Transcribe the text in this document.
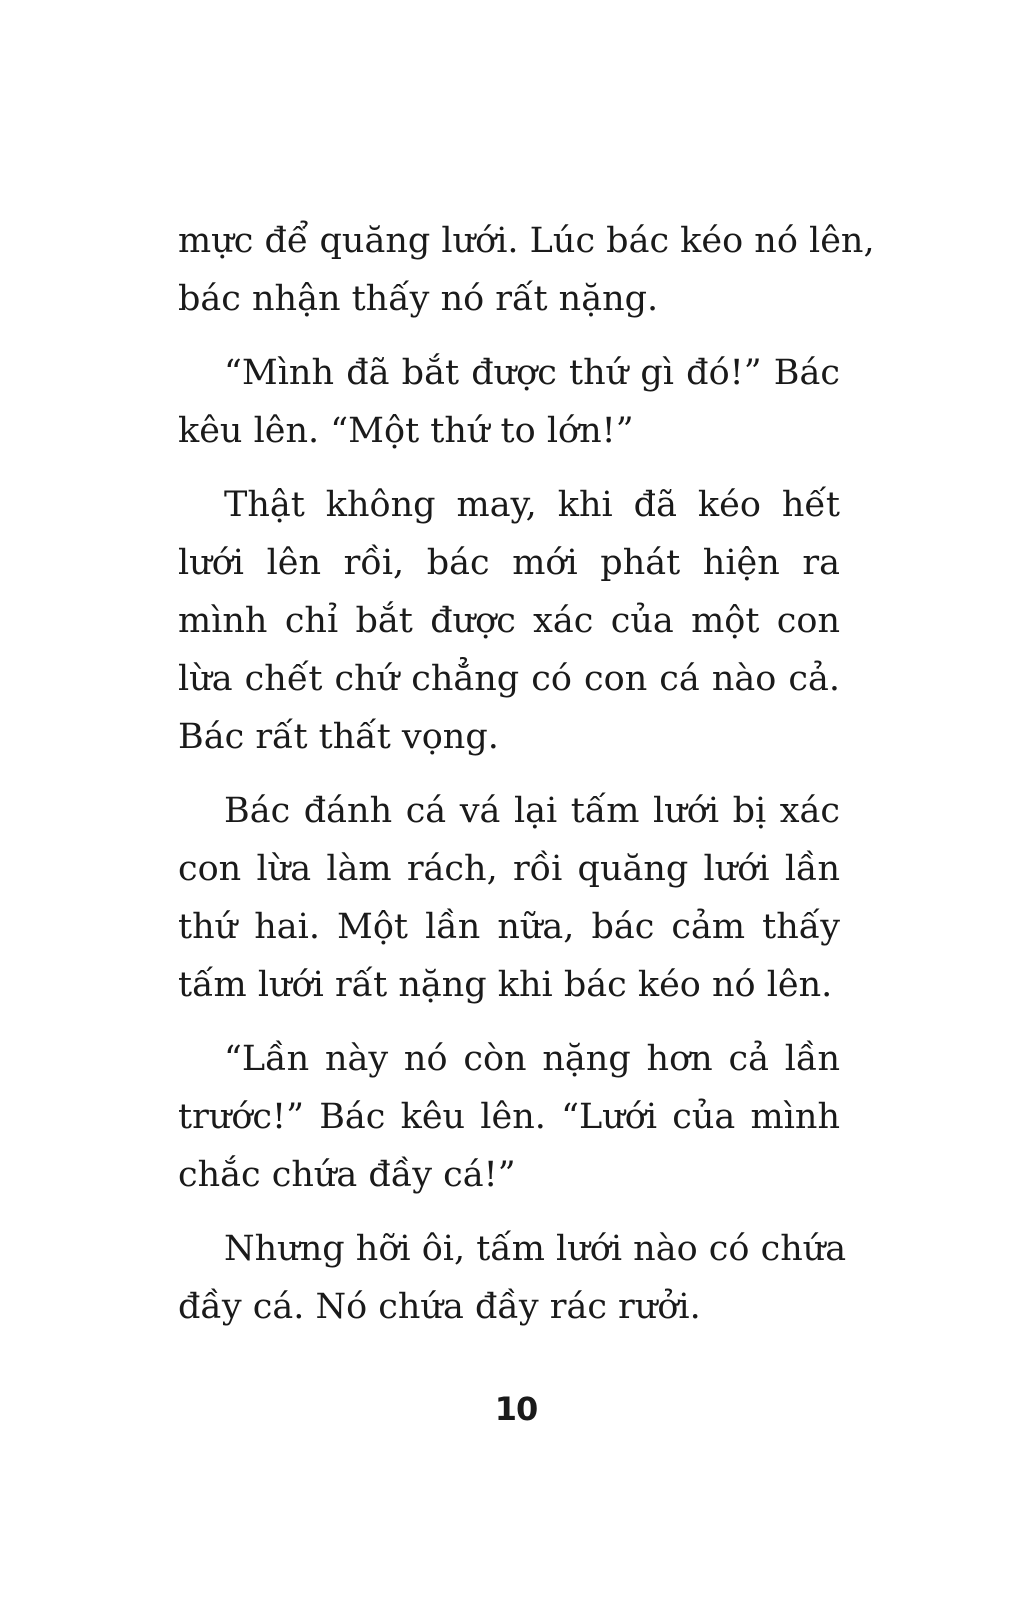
mực để quăng lưới. Lúc bác kéo nó lên,
bác nhận thấy nó rất nặng.
“Mình đã bắt được thứ gì đó!” Bác
kêu lên. “Một thứ to lớn!”
Thật không may, khi đã kéo hết
lưới lên rồi, bác mới phát hiện ra
mình chỉ bắt được xác của một con
lừa chết chứ chẳng có con cá nào cả.
Bác rất thất vọng.
Bác đánh cá vá lại tấm lưới bị xác
con lừa làm rách, rồi quăng lưới lần
thứ hai. Một lần nữa, bác cảm thấy
tấm lưới rất nặng khi bác kéo nó lên.
“Lần này nó còn nặng hơn cả lần
trước!” Bác kêu lên. “Lưới của mình
chắc chứa đầy cá!”
Nhưng hỡi ôi, tấm lưới nào có chứa
đầy cá. Nó chứa đầy rác rưởi.
10
